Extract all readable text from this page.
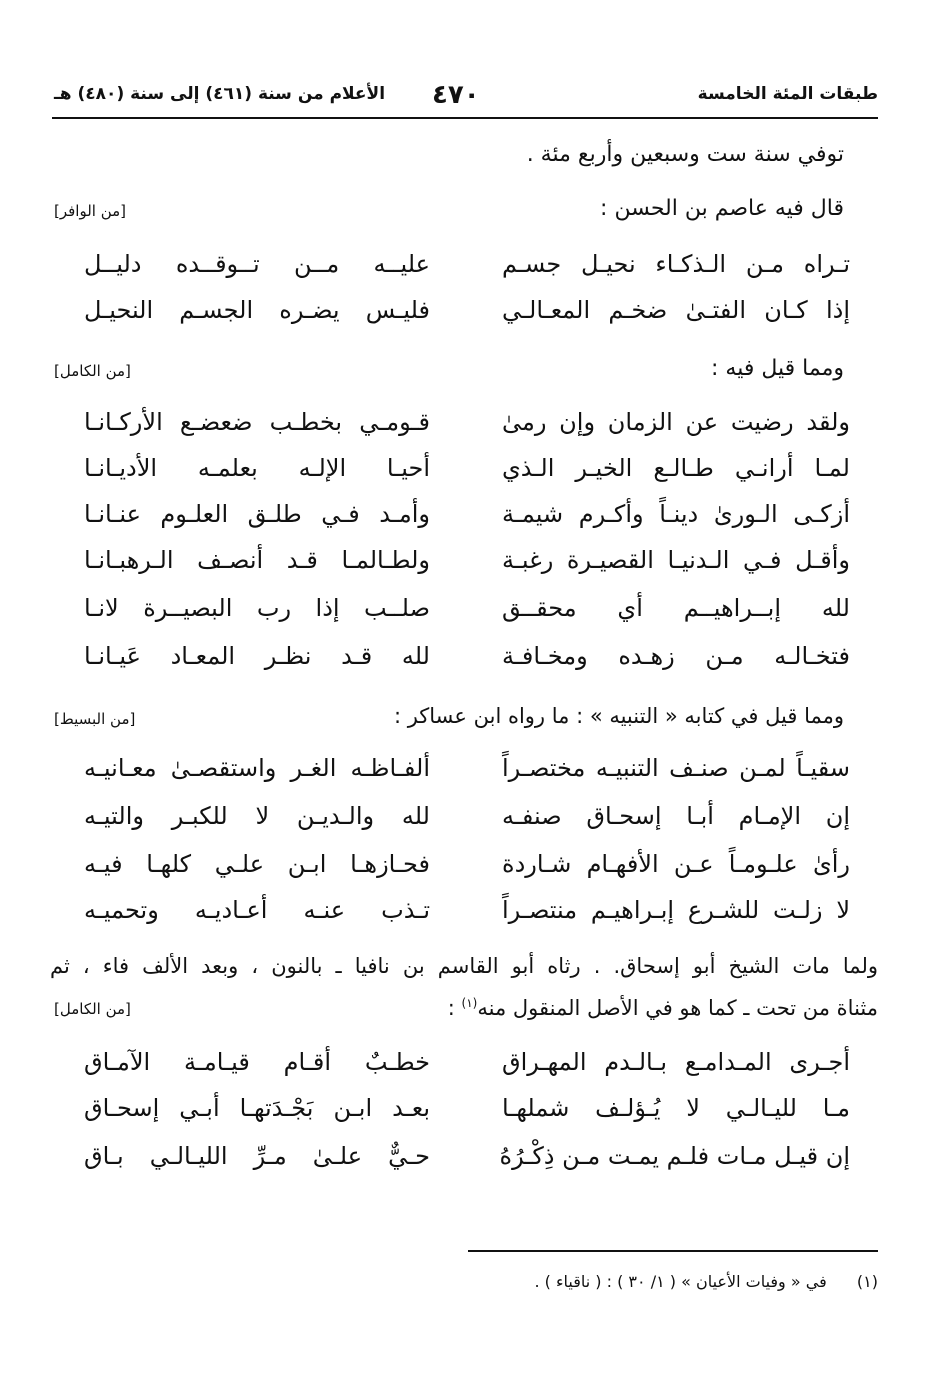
طبقات المئة الخامسة
٤٧٠
الأعلام من سنة (٤٦١) إلى سنة (٤٨٠) هـ
توفي سنة ست وسبعين وأربع مئة .
قال فيه عاصم بن الحسن :
[من الوافر]
تـراه مـن الـذكـاء نحيـل جسـم
عليــه مــن تــوقــده دليــل
إذا كـان الفتـىٰ ضخـم المعـالـي
فليـس يضـره الجسـم النحيـل
ومما قيل فيه :
[من الكامل]
ولقد رضيت عن الزمان وإن رمىٰ
قـومـي بخطـب ضعضـع الأركـانـا
لمـا أرانـي طـالـع الخيـر الـذي
أحيـا الإلـه بعلمـه الأديـانـا
أزكـى الـورىٰ دينـاً وأكـرم شيمـة
وأمـد فـي طلـق العلـوم عنـانـا
وأقـل فـي الـدنيـا القصيـرة رغبـة
ولطـالمـا قـد أنصـف الـرهبـانـا
لله إبــراهيــم أي محقــق
صلــب إذا رب البصيــرة لانـا
فتخـالـه مـن زهـده ومخـافـة
لله قـد نظـر المعـاد عَيـانـا
ومما قيل في كتابه « التنبيه » : ما رواه ابن عساكر :
[من البسيط]
سقيـاً لمـن صنـف التنبيـه مختصـراً
ألفـاظـه الغـر واستقصـىٰ معـانيـه
إن الإمـام أبـا إسحـاق صنفـه
لله والـديـن لا للكبـر والتيـه
رأىٰ علـومـاً عـن الأفهـام شـاردة
فحـازهـا ابـن علـي كلهـا فيـه
لا زلـت للشـرع إبـراهيـم منتصـراً
تـذب عنـه أعـاديـه وتحميـه
ولما مات الشيخ أبو إسحاق. . رثاه أبو القاسم بن نافيا ـ بالنون ، وبعد الألف فاء ، ثم
مثناة من تحت ـ كما هو في الأصل المنقول منه$^{(١)}$ :
[من الكامل]
أجـرى المـدامـع بـالـدم المهـراق
خطـبٌ أقـام قيـامـة الآمـاق
مـا لليـالـي لا يُـؤلـف شملهـا
بعـد ابـن بَجْـدَتهـا أبـي إسحـاق
إن قيـل مـات فلـم يمـت مـن ذِكْـرُهُ
حـيٌّ علـىٰ مـرِّ الليـالـي بـاق
(١)  في « وفيات الأعيان » ( ١/ ٣٠ ) : ( ناقياء ) .
